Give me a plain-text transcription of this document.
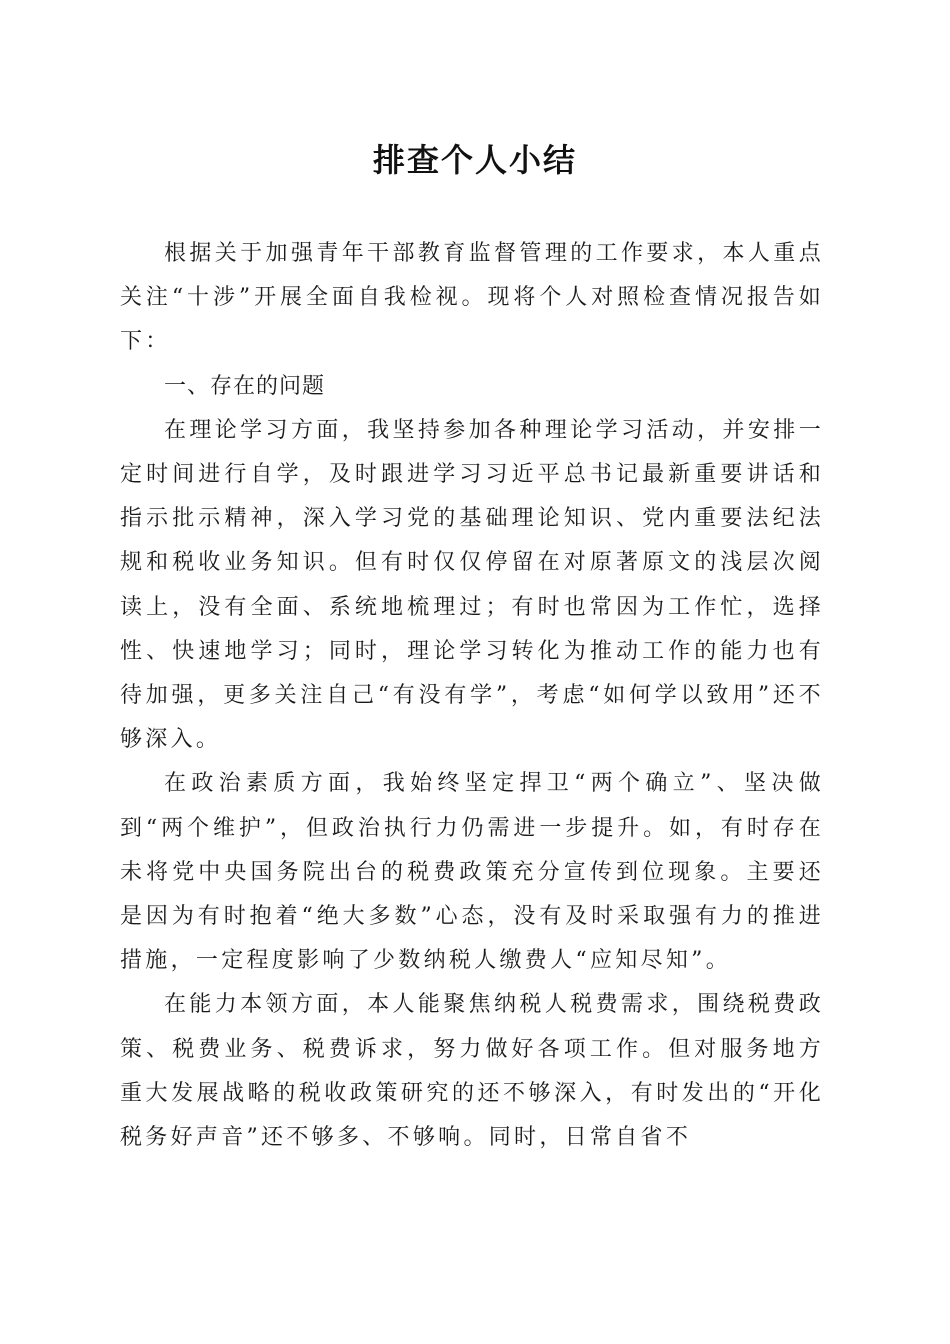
排查个人小结

根据关于加强青年干部教育监督管理的工作要求，本人重点关注“十涉”开展全面自我检视。现将个人对照检查情况报告如下：

一、存在的问题

在理论学习方面，我坚持参加各种理论学习活动，并安排一定时间进行自学，及时跟进学习习近平总书记最新重要讲话和指示批示精神，深入学习党的基础理论知识、党内重要法纪法规和税收业务知识。但有时仅仅停留在对原著原文的浅层次阅读上，没有全面、系统地梳理过；有时也常因为工作忙，选择性、快速地学习；同时，理论学习转化为推动工作的能力也有待加强，更多关注自己“有没有学”，考虑“如何学以致用”还不够深入。

在政治素质方面，我始终坚定捍卫“两个确立”、坚决做到“两个维护”，但政治执行力仍需进一步提升。如，有时存在未将党中央国务院出台的税费政策充分宣传到位现象。主要还是因为有时抱着“绝大多数”心态，没有及时采取强有力的推进措施，一定程度影响了少数纳税人缴费人“应知尽知”。

在能力本领方面，本人能聚焦纳税人税费需求，围绕税费政策、税费业务、税费诉求，努力做好各项工作。但对服务地方重大发展战略的税收政策研究的还不够深入，有时发出的“开化税务好声音”还不够多、不够响。同时，日常自省不
